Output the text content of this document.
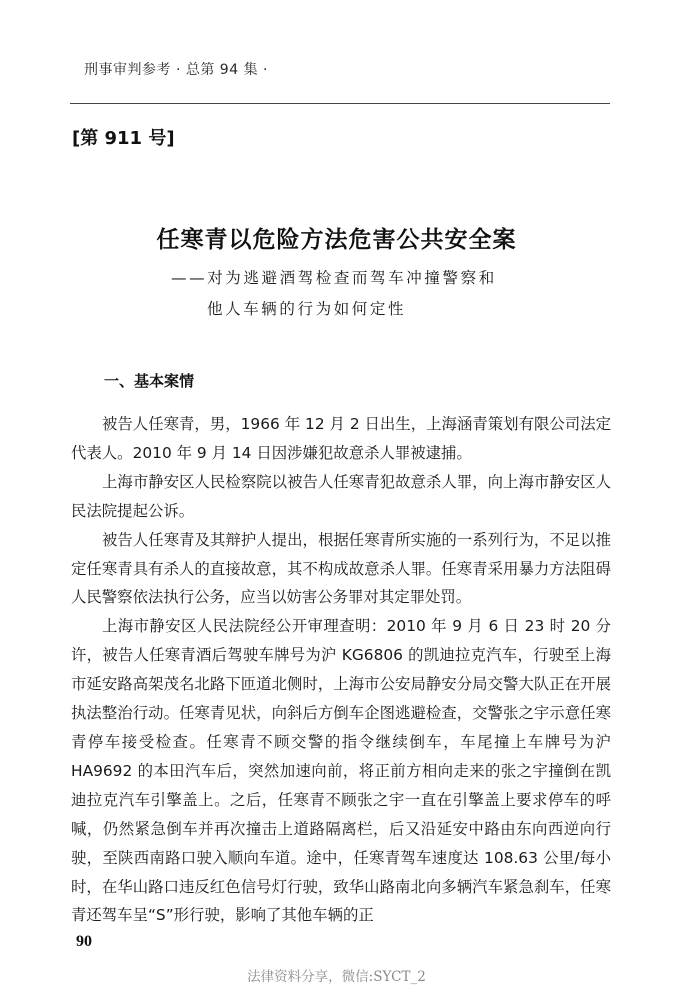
刑事审判参考 · 总第 94 集 ·
[第 911 号]
任寒青以危险方法危害公共安全案
——对为逃避酒驾检查而驾车冲撞警察和
他人车辆的行为如何定性
一、基本案情

被告人任寒青，男，1966 年 12 月 2 日出生，上海涵青策划有限公司法定代表人。2010 年 9 月 14 日因涉嫌犯故意杀人罪被逮捕。

上海市静安区人民检察院以被告人任寒青犯故意杀人罪，向上海市静安区人民法院提起公诉。

被告人任寒青及其辩护人提出，根据任寒青所实施的一系列行为，不足以推定任寒青具有杀人的直接故意，其不构成故意杀人罪。任寒青采用暴力方法阻碍人民警察依法执行公务，应当以妨害公务罪对其定罪处罚。

上海市静安区人民法院经公开审理查明：2010 年 9 月 6 日 23 时 20 分许，被告人任寒青酒后驾驶车牌号为沪 KG6806 的凯迪拉克汽车，行驶至上海市延安路高架茂名北路下匝道北侧时，上海市公安局静安分局交警大队正在开展执法整治行动。任寒青见状，向斜后方倒车企图逃避检查，交警张之宇示意任寒青停车接受检查。任寒青不顾交警的指令继续倒车，车尾撞上车牌号为沪 HA9692 的本田汽车后，突然加速向前，将正前方相向走来的张之宇撞倒在凯迪拉克汽车引擎盖上。之后，任寒青不顾张之宇一直在引擎盖上要求停车的呼喊，仍然紧急倒车并再次撞击上道路隔离栏，后又沿延安中路由东向西逆向行驶，至陕西南路口驶入顺向车道。途中，任寒青驾车速度达 108.63 公里/每小时，在华山路口违反红色信号灯行驶，致华山路南北向多辆汽车紧急刹车，任寒青还驾车呈“S”形行驶，影响了其他车辆的正

90
法律资料分享，微信:SYCT_2
